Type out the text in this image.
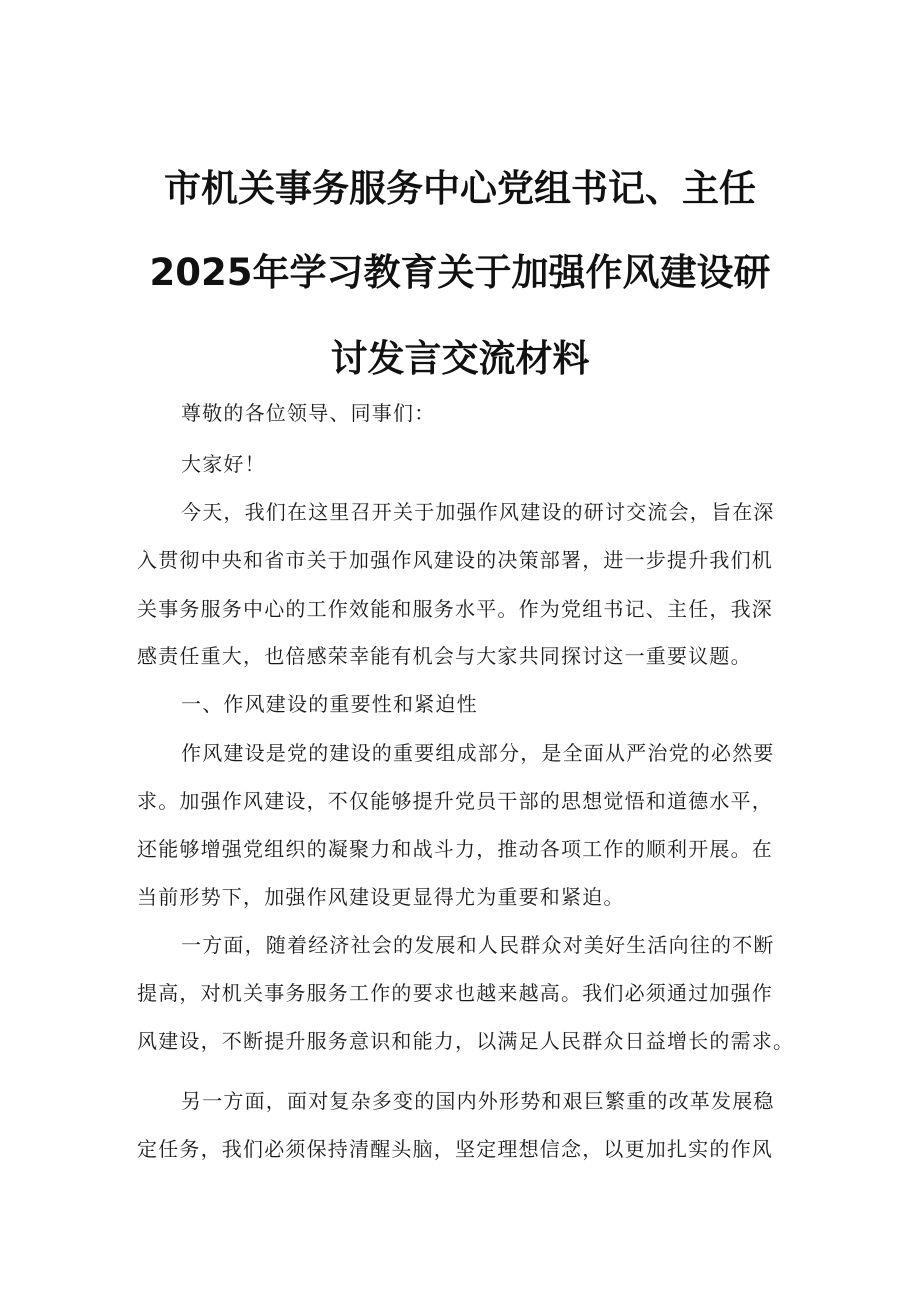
市机关事务服务中心党组书记、主任
2025年学习教育关于加强作风建设研
讨发言交流材料
尊敬的各位领导、同事们：
大家好！
今天，我们在这里召开关于加强作风建设的研讨交流会，旨在深
入贯彻中央和省市关于加强作风建设的决策部署，进一步提升我们机
关事务服务中心的工作效能和服务水平。作为党组书记、主任，我深
感责任重大，也倍感荣幸能有机会与大家共同探讨这一重要议题。
一、作风建设的重要性和紧迫性
作风建设是党的建设的重要组成部分，是全面从严治党的必然要
求。加强作风建设，不仅能够提升党员干部的思想觉悟和道德水平，
还能够增强党组织的凝聚力和战斗力，推动各项工作的顺利开展。在
当前形势下，加强作风建设更显得尤为重要和紧迫。
一方面，随着经济社会的发展和人民群众对美好生活向往的不断
提高，对机关事务服务工作的要求也越来越高。我们必须通过加强作
风建设，不断提升服务意识和能力，以满足人民群众日益增长的需求。
另一方面，面对复杂多变的国内外形势和艰巨繁重的改革发展稳
定任务，我们必须保持清醒头脑，坚定理想信念，以更加扎实的作风
